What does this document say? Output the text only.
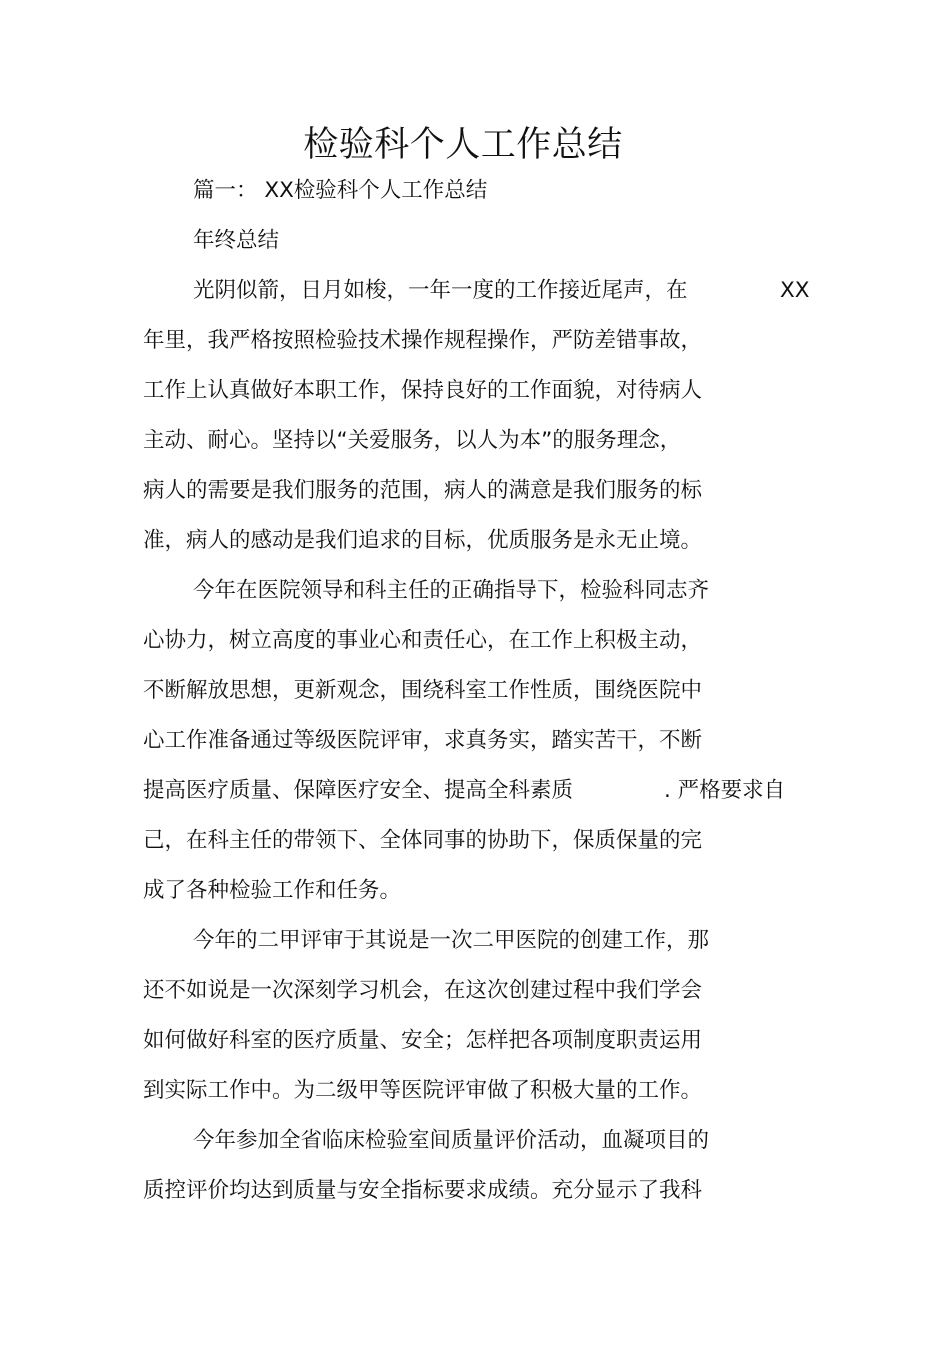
检验科个人工作总结
篇一： XX检验科个人工作总结
年终总结
光阴似箭，日月如梭，一年一度的工作接近尾声，在	XX
年里，我严格按照检验技术操作规程操作，严防差错事故，
工作上认真做好本职工作，保持良好的工作面貌，对待病人
主动、耐心。坚持以“关爱服务，以人为本”的服务理念，
病人的需要是我们服务的范围，病人的满意是我们服务的标
准，病人的感动是我们追求的目标，优质服务是永无止境。
今年在医院领导和科主任的正确指导下，检验科同志齐
心协力，树立高度的事业心和责任心，在工作上积极主动，
不断解放思想，更新观念，围绕科室工作性质，围绕医院中
心工作准备通过等级医院评审，求真务实，踏实苦干，不断
提高医疗质量、保障医疗安全、提高全科素质	. 严格要求自
己，在科主任的带领下、全体同事的协助下，保质保量的完
成了各种检验工作和任务。
今年的二甲评审于其说是一次二甲医院的创建工作，那
还不如说是一次深刻学习机会，在这次创建过程中我们学会
如何做好科室的医疗质量、安全；怎样把各项制度职责运用
到实际工作中。为二级甲等医院评审做了积极大量的工作。
今年参加全省临床检验室间质量评价活动，血凝项目的
质控评价均达到质量与安全指标要求成绩。充分显示了我科
